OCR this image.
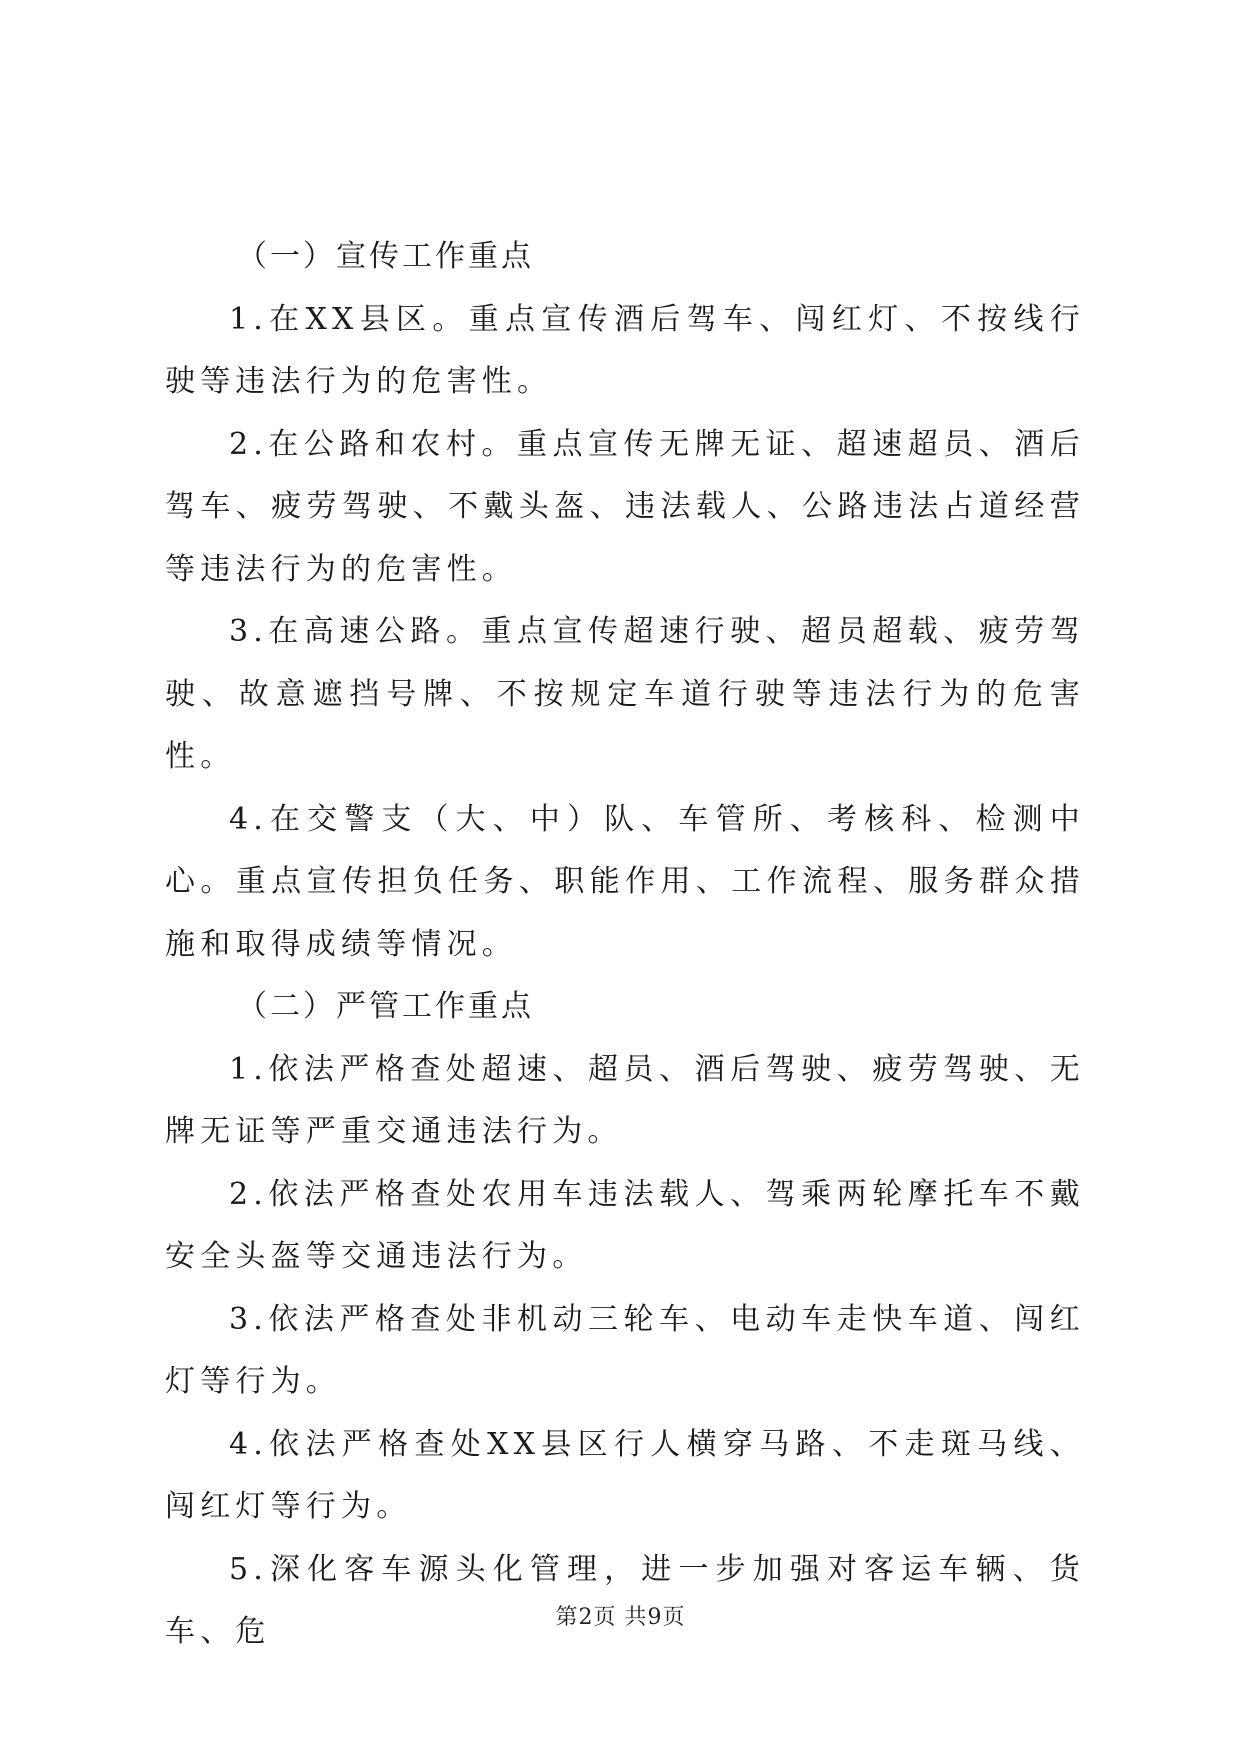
（一）宣传工作重点

1.在XX县区。重点宣传酒后驾车、闯红灯、不按线行驶等违法行为的危害性。

2.在公路和农村。重点宣传无牌无证、超速超员、酒后驾车、疲劳驾驶、不戴头盔、违法载人、公路违法占道经营等违法行为的危害性。

3.在高速公路。重点宣传超速行驶、超员超载、疲劳驾驶、故意遮挡号牌、不按规定车道行驶等违法行为的危害性。

4.在交警支（大、中）队、车管所、考核科、检测中心。重点宣传担负任务、职能作用、工作流程、服务群众措施和取得成绩等情况。

（二）严管工作重点

1.依法严格查处超速、超员、酒后驾驶、疲劳驾驶、无牌无证等严重交通违法行为。

2.依法严格查处农用车违法载人、驾乘两轮摩托车不戴安全头盔等交通违法行为。

3.依法严格查处非机动三轮车、电动车走快车道、闯红灯等行为。

4.依法严格查处XX县区行人横穿马路、不走斑马线、闯红灯等行为。

5.深化客车源头化管理，进一步加强对客运车辆、货车、危	第2页 共9页
